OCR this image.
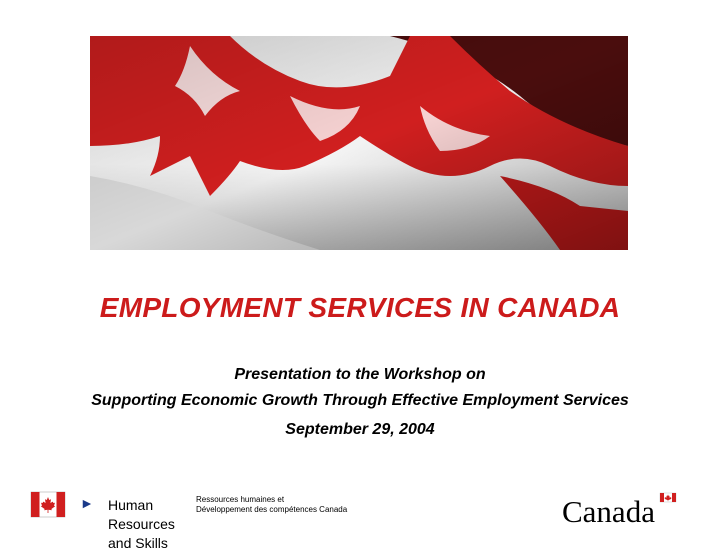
EMPLOYMENT SERVICES IN CANADA
Presentation to the Workshop on
Supporting Economic Growth Through Effective Employment Services
September 29, 2004
► Human
Resources
and Skills
Ressources humaines et
Développement des compétences Canada	Canada
